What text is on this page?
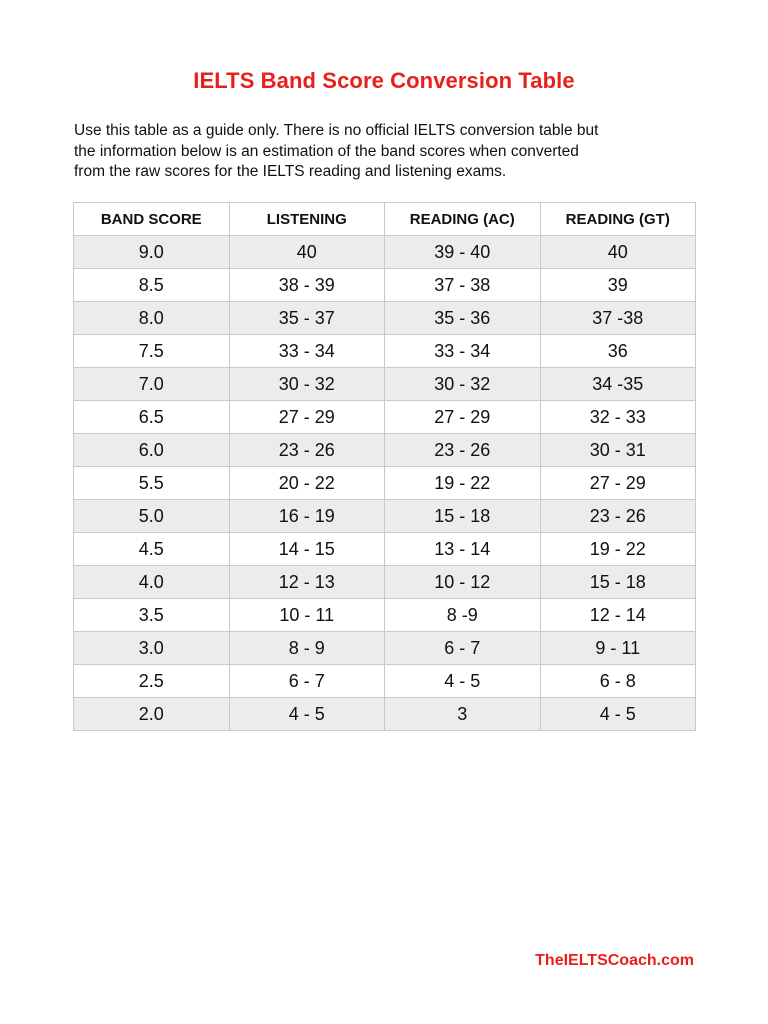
IELTS Band Score Conversion Table

Use this table as a guide only. There is no official IELTS conversion table but

the information below is an estimation of the band scores when converted

from the raw scores for the IELTS reading and listening exams.

BAND SCORE	LISTENING	READING (AC)	READING (GT)
9.0	40	39 - 40	40
8.5	38 - 39	37 - 38	39
8.0	35 - 37	35 - 36	37 -38
7.5	33 - 34	33 - 34	36
7.0	30 - 32	30 - 32	34 -35
6.5	27 - 29	27 - 29	32 - 33
6.0	23 - 26	23 - 26	30 - 31
5.5	20 - 22	19 - 22	27 - 29
5.0	16 - 19	15 - 18	23 - 26
4.5	14 - 15	13 - 14	19 - 22
4.0	12 - 13	10 - 12	15 - 18
3.5	10 - 11	8 -9	12 - 14
3.0	8 - 9	6 - 7	9 - 11
2.5	6 - 7	4 - 5	6 - 8
2.0	4 - 5	3	4 - 5
TheIELTSCoach.com
